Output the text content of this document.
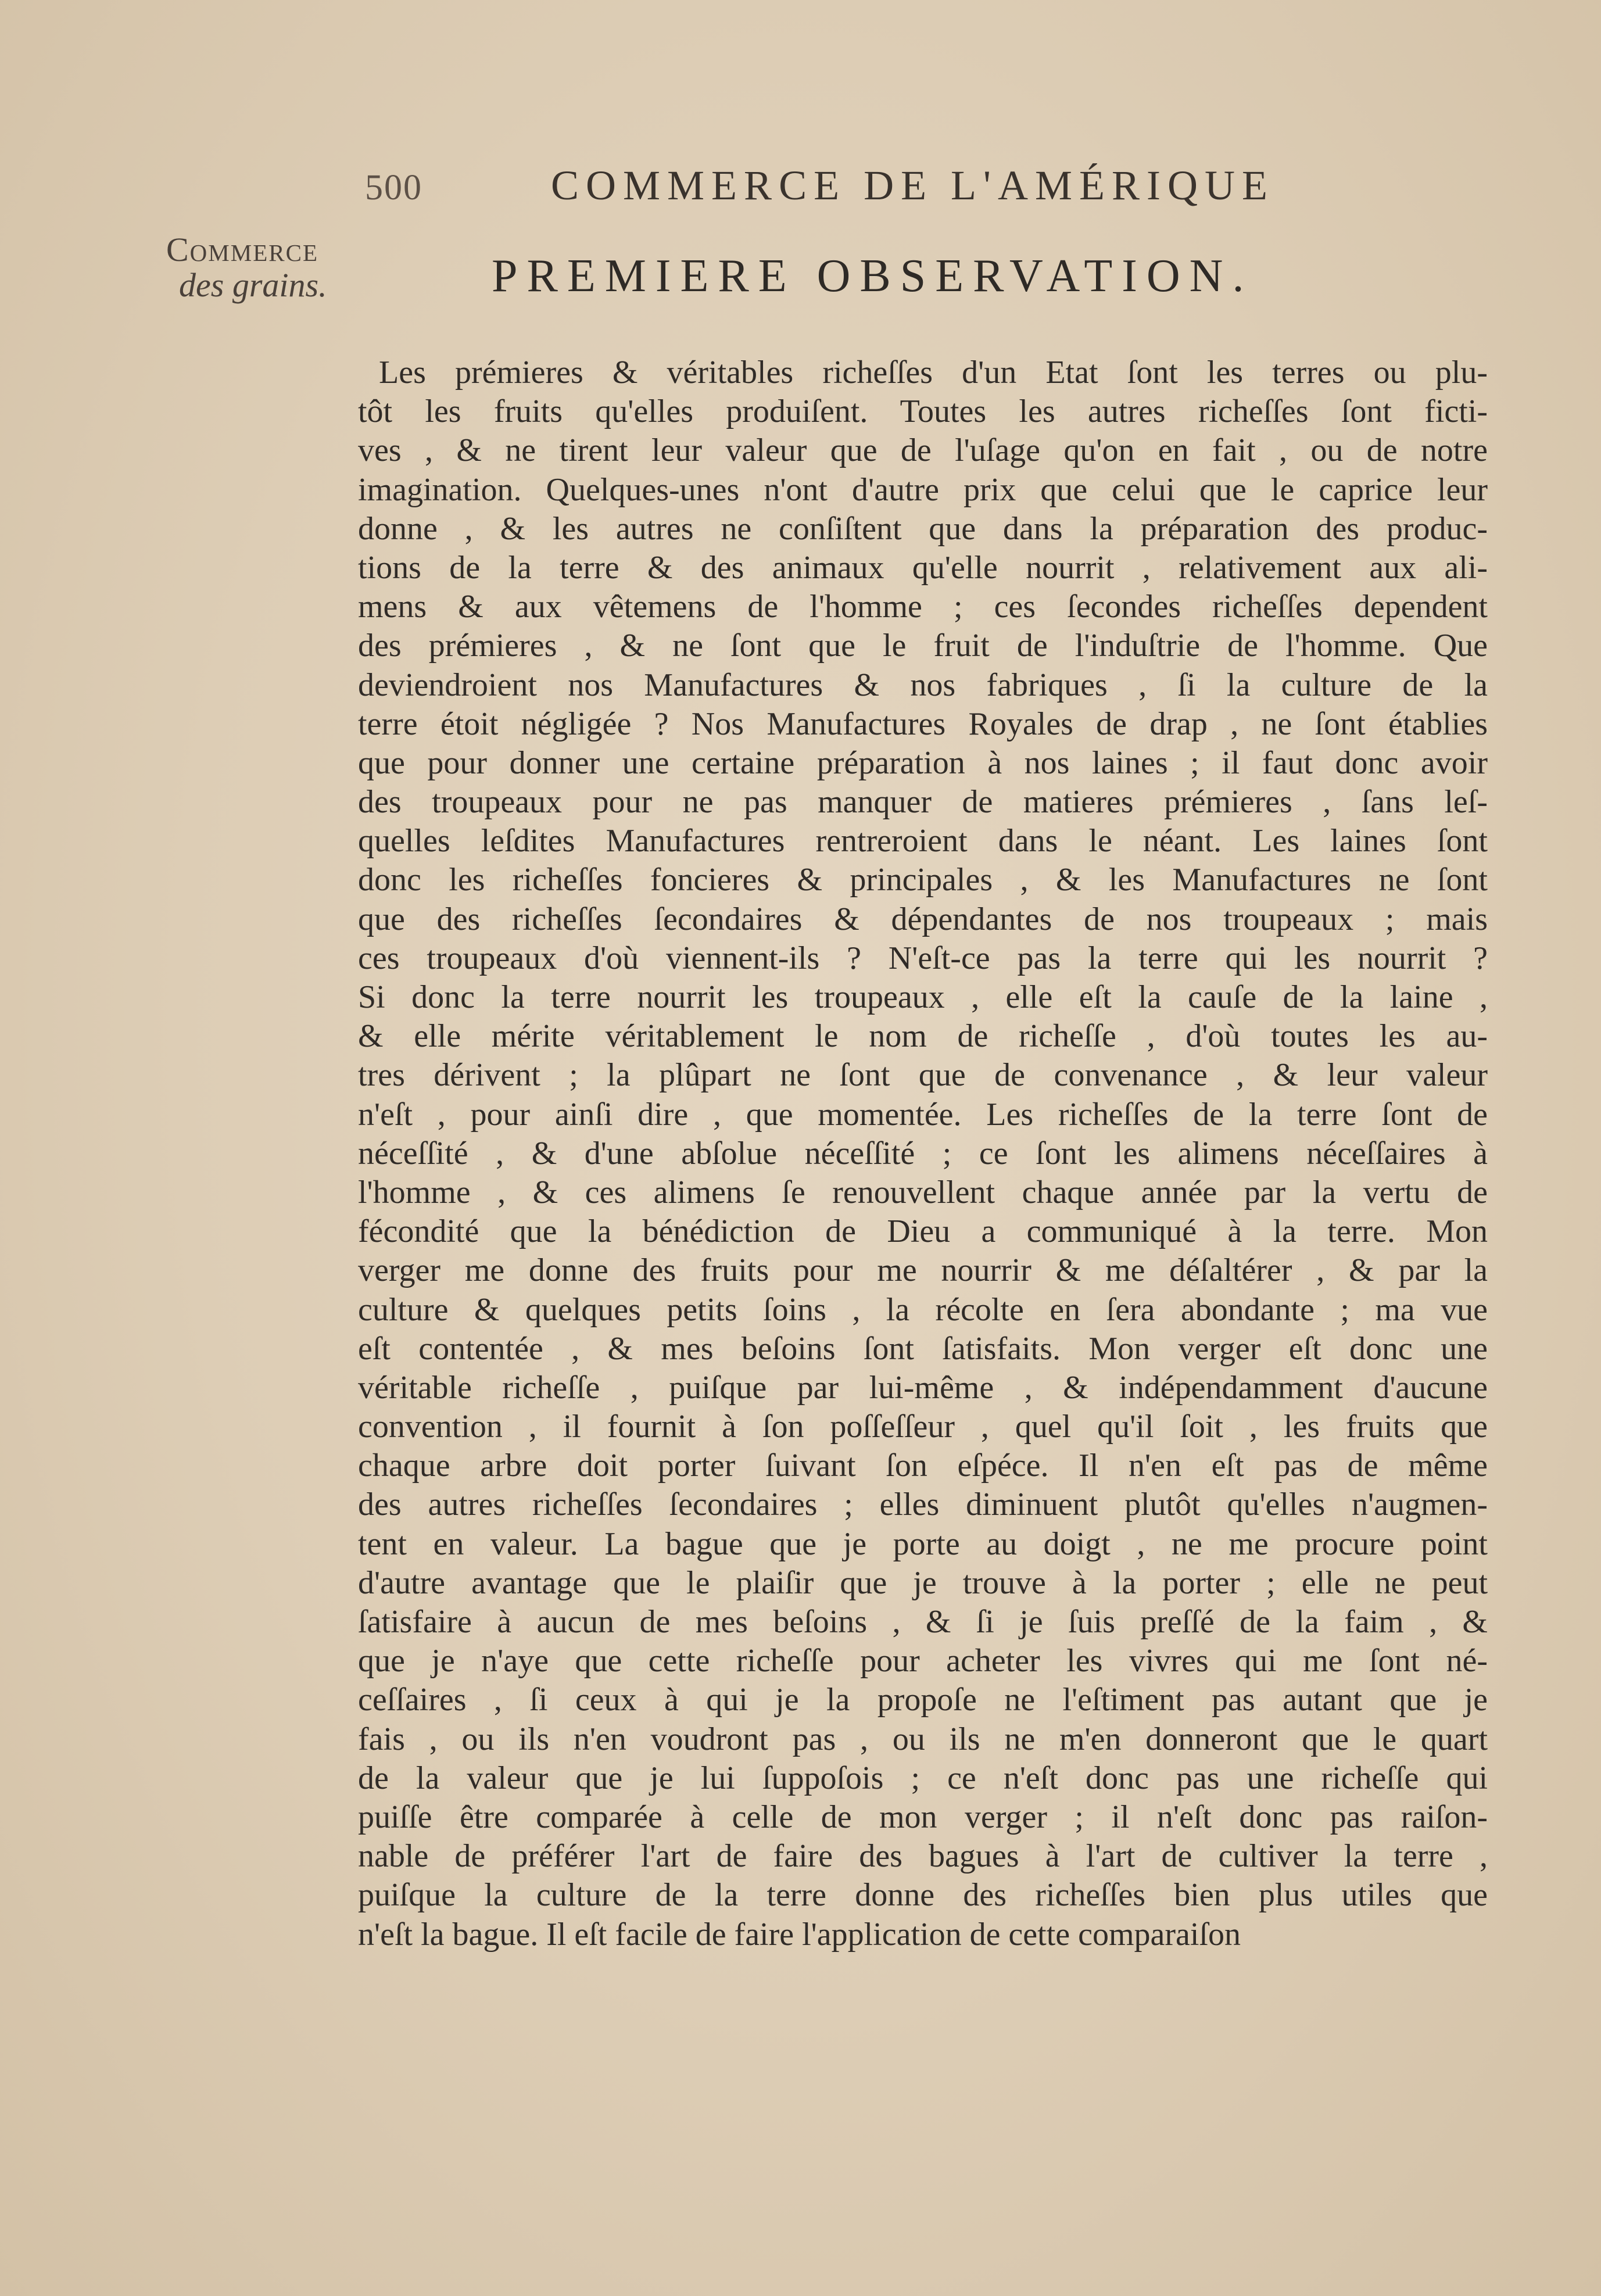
500	COMMERCE DE L'AMÉRIQUE
Commerce
des grains.	PREMIERE OBSERVATION.
Les prémieres & véritables richeſſes d'un Etat ſont les terres ou plu-
tôt les fruits qu'elles produiſent. Toutes les autres richeſſes ſont ficti-
ves , & ne tirent leur valeur que de l'uſage qu'on en fait , ou de notre
imagination. Quelques-unes n'ont d'autre prix que celui que le caprice leur
donne , & les autres ne conſiſtent que dans la préparation des produc-
tions de la terre & des animaux qu'elle nourrit , relativement aux ali-
mens & aux vêtemens de l'homme ; ces ſecondes richeſſes dependent
des prémieres , & ne ſont que le fruit de l'induſtrie de l'homme. Que
deviendroient nos Manufactures & nos fabriques , ſi la culture de la
terre étoit négligée ? Nos Manufactures Royales de drap , ne ſont établies
que pour donner une certaine préparation à nos laines ; il faut donc avoir
des troupeaux pour ne pas manquer de matieres prémieres , ſans leſ-
quelles leſdites Manufactures rentreroient dans le néant. Les laines ſont
donc les richeſſes foncieres & principales , & les Manufactures ne ſont
que des richeſſes ſecondaires & dépendantes de nos troupeaux ; mais
ces troupeaux d'où viennent-ils ? N'eſt-ce pas la terre qui les nourrit ?
Si donc la terre nourrit les troupeaux , elle eſt la cauſe de la laine ,
& elle mérite véritablement le nom de richeſſe , d'où toutes les au-
tres dérivent ; la plûpart ne ſont que de convenance , & leur valeur
n'eſt , pour ainſi dire , que momentée. Les richeſſes de la terre ſont de
néceſſité , & d'une abſolue néceſſité ; ce ſont les alimens néceſſaires à
l'homme , & ces alimens ſe renouvellent chaque année par la vertu de
fécondité que la bénédiction de Dieu a communiqué à la terre. Mon
verger me donne des fruits pour me nourrir & me déſaltérer , & par la
culture & quelques petits ſoins , la récolte en ſera abondante ; ma vue
eſt contentée , & mes beſoins ſont ſatisfaits. Mon verger eſt donc une
véritable richeſſe , puiſque par lui-même , & indépendamment d'aucune
convention , il fournit à ſon poſſeſſeur , quel qu'il ſoit , les fruits que
chaque arbre doit porter ſuivant ſon eſpéce. Il n'en eſt pas de même
des autres richeſſes ſecondaires ; elles diminuent plutôt qu'elles n'augmen-
tent en valeur. La bague que je porte au doigt , ne me procure point
d'autre avantage que le plaiſir que je trouve à la porter ; elle ne peut
ſatisfaire à aucun de mes beſoins , & ſi je ſuis preſſé de la faim , &
que je n'aye que cette richeſſe pour acheter les vivres qui me ſont né-
ceſſaires , ſi ceux à qui je la propoſe ne l'eſtiment pas autant que je
fais , ou ils n'en voudront pas , ou ils ne m'en donneront que le quart
de la valeur que je lui ſuppoſois ; ce n'eſt donc pas une richeſſe qui
puiſſe être comparée à celle de mon verger ; il n'eſt donc pas raiſon-
nable de préférer l'art de faire des bagues à l'art de cultiver la terre ,
puiſque la culture de la terre donne des richeſſes bien plus utiles que
n'eſt la bague. Il eſt facile de faire l'application de cette comparaiſon
